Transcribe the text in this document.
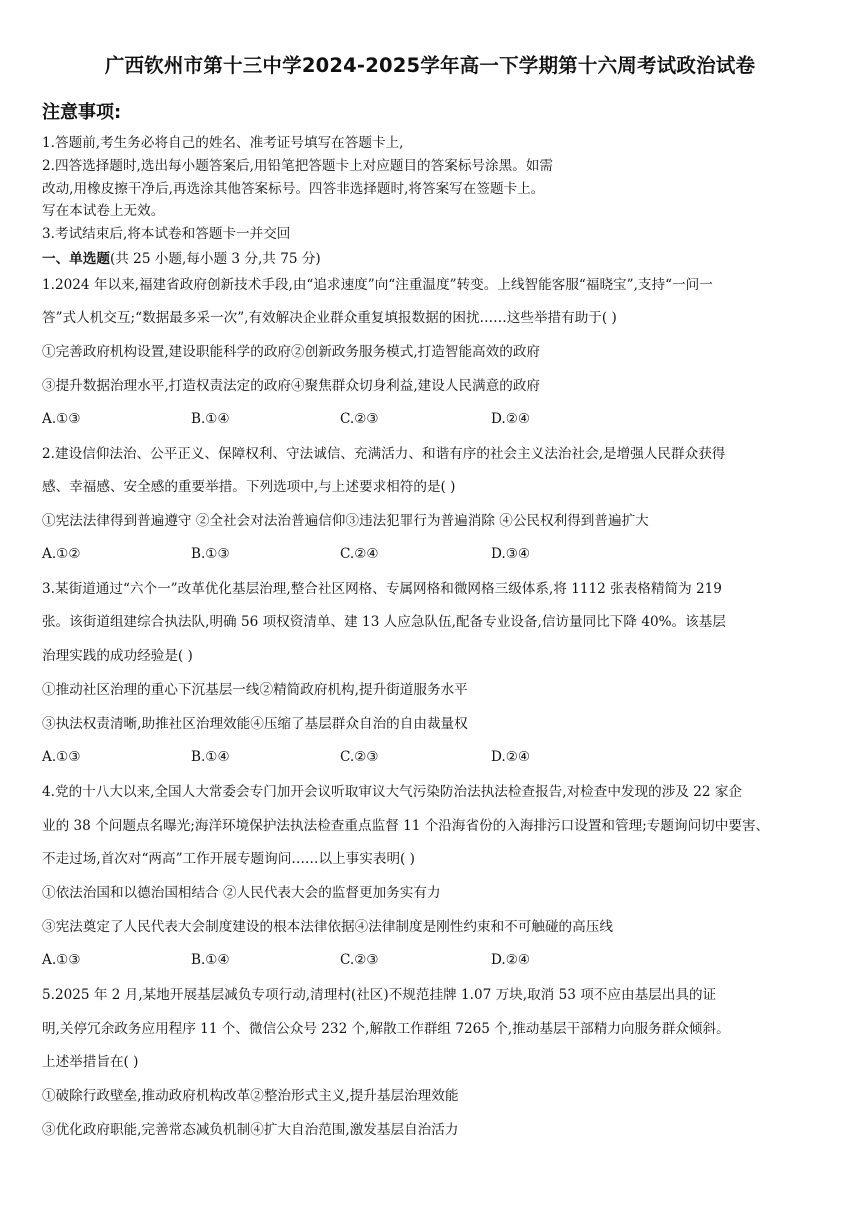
广西钦州市第十三中学2024-2025学年高一下学期第十六周考试政治试卷
注意事项:
1.答题前,考生务必将自己的姓名、准考证号填写在答题卡上,
2.四答选择题时,选出每小题答案后,用铅笔把答题卡上对应题目的答案标号涂黑。如需
改动,用橡皮擦干净后,再选涂其他答案标号。四答非选择题时,将答案写在签题卡上。
写在本试卷上无效。
3.考试结束后,将本试卷和答题卡一并交回
一、单选题(共 25 小题,每小题 3 分,共 75 分)
1.2024 年以来,福建省政府创新技术手段,由“追求速度”向“注重温度”转变。上线智能客服“福晓宝”,支持“一问一
答”式人机交互;“数据最多采一次”,有效解决企业群众重复填报数据的困扰……这些举措有助于( )
①完善政府机构设置,建设职能科学的政府②创新政务服务模式,打造智能高效的政府
③提升数据治理水平,打造权责法定的政府④聚焦群众切身利益,建设人民满意的政府
A.①③	B.①④	C.②③	D.②④
2.建设信仰法治、公平正义、保障权利、守法诚信、充满活力、和谐有序的社会主义法治社会,是增强人民群众获得
感、幸福感、安全感的重要举措。下列选项中,与上述要求相符的是( )
①宪法法律得到普遍遵守 ②全社会对法治普遍信仰③违法犯罪行为普遍消除 ④公民权利得到普遍扩大
A.①②	B.①③	C.②④	D.③④
3.某街道通过“六个一”改革优化基层治理,整合社区网格、专属网格和微网格三级体系,将 1112 张表格精简为 219
张。该街道组建综合执法队,明确 56 项权资清单、建 13 人应急队伍,配备专业设备,信访量同比下降 40%。该基层
治理实践的成功经验是( )
①推动社区治理的重心下沉基层一线②精简政府机构,提升街道服务水平
③执法权责清晰,助推社区治理效能④压缩了基层群众自治的自由裁量权
A.①③	B.①④	C.②③	D.②④
4.党的十八大以来,全国人大常委会专门加开会议听取审议大气污染防治法执法检查报告,对检查中发现的涉及 22 家企
业的 38 个问题点名曝光;海洋环境保护法执法检查重点监督 11 个沿海省份的入海排污口设置和管理;专题询问切中要害、
不走过场,首次对“两高”工作开展专题询问……以上事实表明( )
①依法治国和以德治国相结合 ②人民代表大会的监督更加务实有力
③宪法奠定了人民代表大会制度建设的根本法律依据④法律制度是刚性约束和不可触碰的高压线
A.①③	B.①④	C.②③	D.②④
5.2025 年 2 月,某地开展基层减负专项行动,清理村(社区)不规范挂牌 1.07 万块,取消 53 项不应由基层出具的证
明,关停冗余政务应用程序 11 个、微信公众号 232 个,解散工作群组 7265 个,推动基层干部精力向服务群众倾斜。
上述举措旨在( )
①破除行政壁垒,推动政府机构改革②整治形式主义,提升基层治理效能
③优化政府职能,完善常态减负机制④扩大自治范围,激发基层自治活力
